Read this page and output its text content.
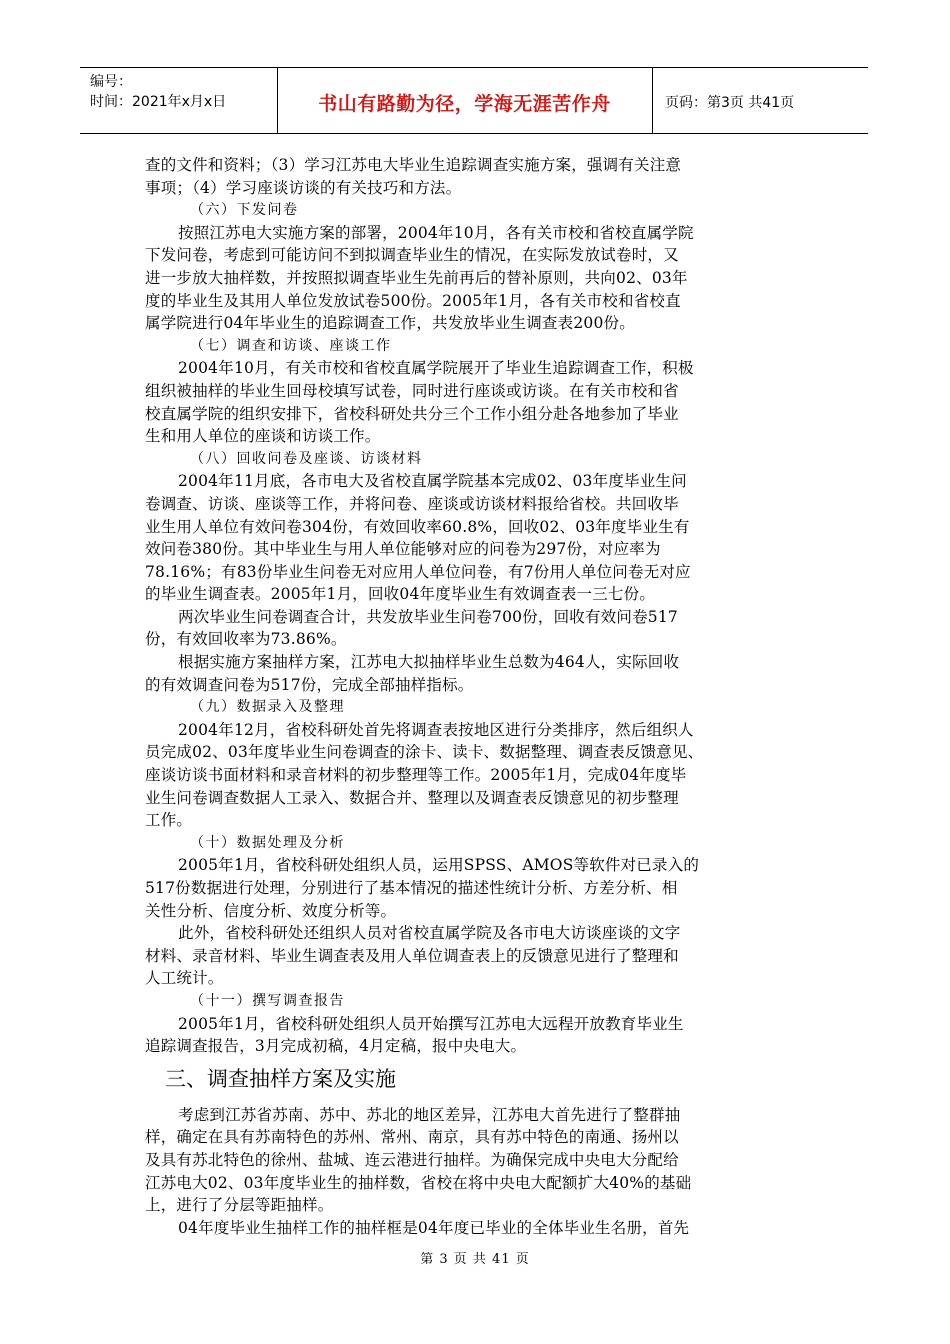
编号：
时间：2021年x月x日	书山有路勤为径，学海无涯苦作舟	页码：第3页 共41页
查的文件和资料；（3）学习江苏电大毕业生追踪调查实施方案，强调有关注意
事项；（4）学习座谈访谈的有关技巧和方法。
（六）下发问卷
按照江苏电大实施方案的部署，2004年10月，各有关市校和省校直属学院
下发问卷，考虑到可能访问不到拟调查毕业生的情况，在实际发放试卷时，又
进一步放大抽样数，并按照拟调查毕业生先前再后的替补原则，共向02、03年
度的毕业生及其用人单位发放试卷500份。2005年1月，各有关市校和省校直
属学院进行04年毕业生的追踪调查工作，共发放毕业生调查表200份。
（七）调查和访谈、座谈工作
2004年10月，有关市校和省校直属学院展开了毕业生追踪调查工作，积极
组织被抽样的毕业生回母校填写试卷，同时进行座谈或访谈。在有关市校和省
校直属学院的组织安排下，省校科研处共分三个工作小组分赴各地参加了毕业
生和用人单位的座谈和访谈工作。
（八）回收问卷及座谈、访谈材料
2004年11月底，各市电大及省校直属学院基本完成02、03年度毕业生问
卷调查、访谈、座谈等工作，并将问卷、座谈或访谈材料报给省校。共回收毕
业生用人单位有效问卷304份，有效回收率60.8%，回收02、03年度毕业生有
效问卷380份。其中毕业生与用人单位能够对应的问卷为297份，对应率为
78.16%；有83份毕业生问卷无对应用人单位问卷，有7份用人单位问卷无对应
的毕业生调查表。2005年1月，回收04年度毕业生有效调查表一三七份。
两次毕业生问卷调查合计，共发放毕业生问卷700份，回收有效问卷517
份，有效回收率为73.86%。
根据实施方案抽样方案，江苏电大拟抽样毕业生总数为464人，实际回收
的有效调查问卷为517份，完成全部抽样指标。
（九）数据录入及整理
2004年12月，省校科研处首先将调查表按地区进行分类排序，然后组织人
员完成02、03年度毕业生问卷调查的涂卡、读卡、数据整理、调查表反馈意见、
座谈访谈书面材料和录音材料的初步整理等工作。2005年1月，完成04年度毕
业生问卷调查数据人工录入、数据合并、整理以及调查表反馈意见的初步整理
工作。
（十）数据处理及分析
2005年1月，省校科研处组织人员，运用SPSS、AMOS等软件对已录入的
517份数据进行处理，分别进行了基本情况的描述性统计分析、方差分析、相
关性分析、信度分析、效度分析等。
此外，省校科研处还组织人员对省校直属学院及各市电大访谈座谈的文字
材料、录音材料、毕业生调查表及用人单位调查表上的反馈意见进行了整理和
人工统计。
（十一）撰写调查报告
2005年1月，省校科研处组织人员开始撰写江苏电大远程开放教育毕业生
追踪调查报告，3月完成初稿，4月定稿，报中央电大。
三、调查抽样方案及实施
考虑到江苏省苏南、苏中、苏北的地区差异，江苏电大首先进行了整群抽
样，确定在具有苏南特色的苏州、常州、南京，具有苏中特色的南通、扬州以
及具有苏北特色的徐州、盐城、连云港进行抽样。为确保完成中央电大分配给
江苏电大02、03年度毕业生的抽样数，省校在将中央电大配额扩大40%的基础
上，进行了分层等距抽样。
04年度毕业生抽样工作的抽样框是04年度已毕业的全体毕业生名册，首先
第 3 页 共 41 页
